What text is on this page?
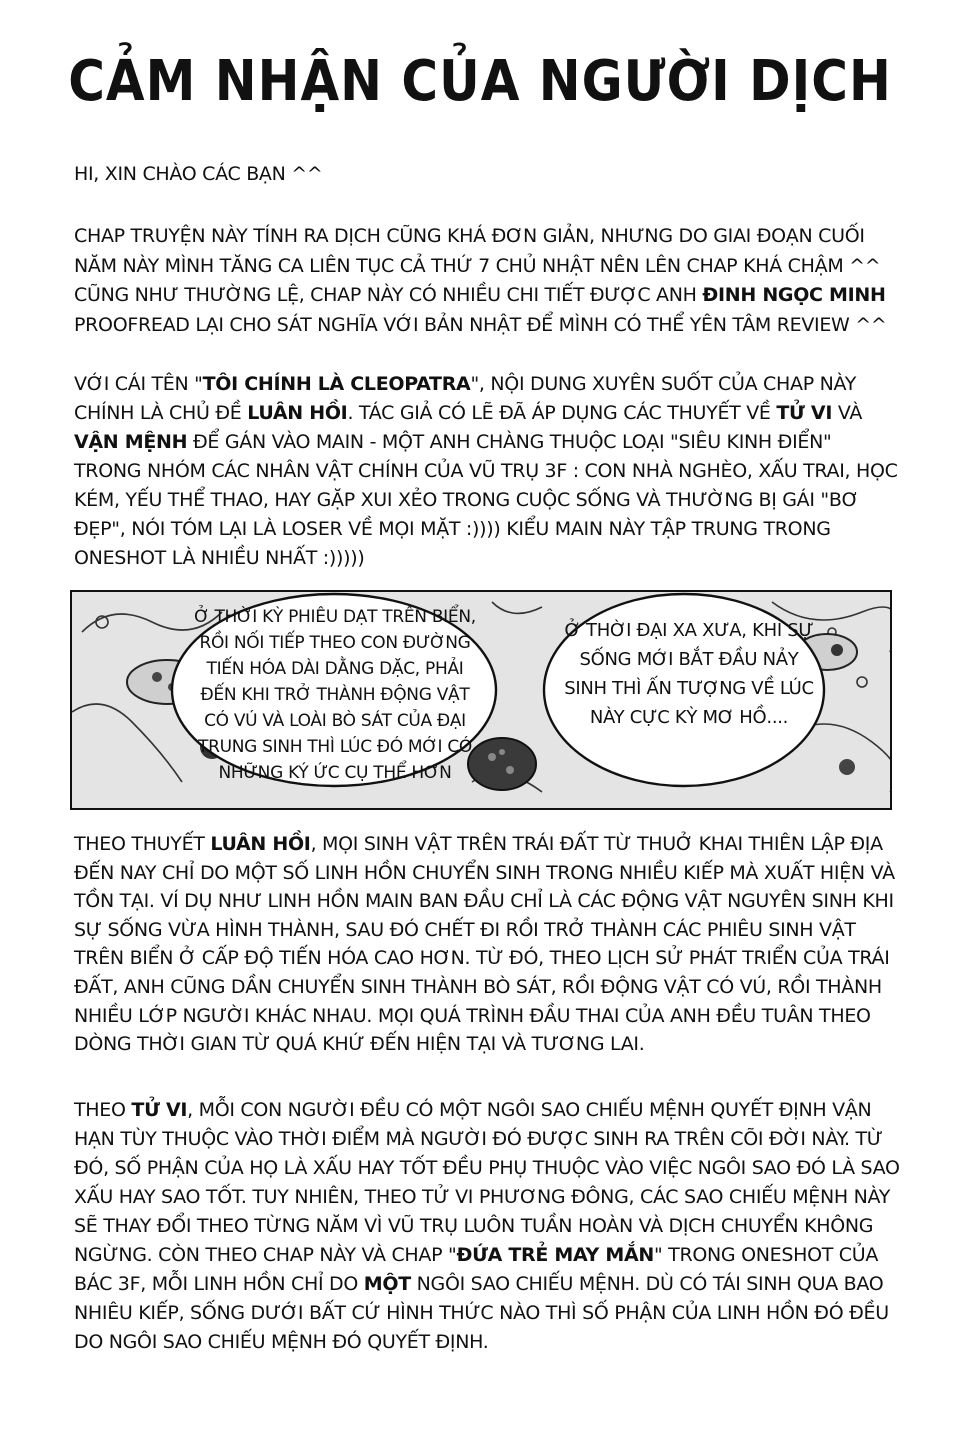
CẢM NHẬN CỦA NGƯỜI DỊCH

HI, XIN CHÀO CÁC BẠN ^^

CHAP TRUYỆN NÀY TÍNH RA DỊCH CŨNG KHÁ ĐƠN GIẢN, NHƯNG DO GIAI ĐOẠN CUỐI NĂM NÀY MÌNH TĂNG CA LIÊN TỤC CẢ THỨ 7 CHỦ NHẬT NÊN LÊN CHAP KHÁ CHẬM ^^ CŨNG NHƯ THƯỜNG LỆ, CHAP NÀY CÓ NHIỀU CHI TIẾT ĐƯỢC ANH ĐINH NGỌC MINH PROOFREAD LẠI CHO SÁT NGHĨA VỚI BẢN NHẬT ĐỂ MÌNH CÓ THỂ YÊN TÂM REVIEW ^^

VỚI CÁI TÊN "TÔI CHÍNH LÀ CLEOPATRA", NỘI DUNG XUYÊN SUỐT CỦA CHAP NÀY CHÍNH LÀ CHỦ ĐỀ LUÂN HỒI. TÁC GIẢ CÓ LẼ ĐÃ ÁP DỤNG CÁC THUYẾT VỀ TỬ VI VÀ VẬN MỆNH ĐỂ GÁN VÀO MAIN - MỘT ANH CHÀNG THUỘC LOẠI "SIÊU KINH ĐIỂN" TRONG NHÓM CÁC NHÂN VẬT CHÍNH CỦA VŨ TRỤ 3F : CON NHÀ NGHÈO, XẤU TRAI, HỌC KÉM, YẾU THỂ THAO, HAY GẶP XUI XẺO TRONG CUỘC SỐNG VÀ THƯỜNG BỊ GÁI "BƠ ĐẸP", NÓI TÓM LẠI LÀ LOSER VỀ MỌI MẶT :)))) KIỂU MAIN NÀY TẬP TRUNG TRONG ONESHOT LÀ NHIỀU NHẤT :)))))

Ở THỜI KỲ PHIÊU DẠT TRÊN BIỂN, RỒI NỐI TIẾP THEO CON ĐƯỜNG TIẾN HÓA DÀI DẰNG DẶC, PHẢI ĐẾN KHI TRỞ THÀNH ĐỘNG VẬT CÓ VÚ VÀ LOÀI BÒ SÁT CỦA ĐẠI TRUNG SINH THÌ LÚC ĐÓ MỚI CÓ NHỮNG KÝ ỨC CỤ THỂ HƠN
Ở THỜI ĐẠI XA XƯA, KHI SỰ SỐNG MỚI BẮT ĐẦU NẢY SINH THÌ ẤN TƯỢNG VỀ LÚC NÀY CỰC KỲ MƠ HỒ....

THEO THUYẾT LUÂN HỒI, MỌI SINH VẬT TRÊN TRÁI ĐẤT TỪ THUỞ KHAI THIÊN LẬP ĐỊA ĐẾN NAY CHỈ DO MỘT SỐ LINH HỒN CHUYỂN SINH TRONG NHIỀU KIẾP MÀ XUẤT HIỆN VÀ TỒN TẠI. VÍ DỤ NHƯ LINH HỒN MAIN BAN ĐẦU CHỈ LÀ CÁC ĐỘNG VẬT NGUYÊN SINH KHI SỰ SỐNG VỪA HÌNH THÀNH, SAU ĐÓ CHẾT ĐI RỒI TRỞ THÀNH CÁC PHIÊU SINH VẬT TRÊN BIỂN Ở CẤP ĐỘ TIẾN HÓA CAO HƠN. TỪ ĐÓ, THEO LỊCH SỬ PHÁT TRIỂN CỦA TRÁI ĐẤT, ANH CŨNG DẦN CHUYỂN SINH THÀNH BÒ SÁT, RỒI ĐỘNG VẬT CÓ VÚ, RỒI THÀNH NHIỀU LỚP NGƯỜI KHÁC NHAU. MỌI QUÁ TRÌNH ĐẦU THAI CỦA ANH ĐỀU TUÂN THEO DÒNG THỜI GIAN TỪ QUÁ KHỨ ĐẾN HIỆN TẠI VÀ TƯƠNG LAI.

THEO TỬ VI, MỖI CON NGƯỜI ĐỀU CÓ MỘT NGÔI SAO CHIẾU MỆNH QUYẾT ĐỊNH VẬN HẠN TÙY THUỘC VÀO THỜI ĐIỂM MÀ NGƯỜI ĐÓ ĐƯỢC SINH RA TRÊN CÕI ĐỜI NÀY. TỪ ĐÓ, SỐ PHẬN CỦA HỌ LÀ XẤU HAY TỐT ĐỀU PHỤ THUỘC VÀO VIỆC NGÔI SAO ĐÓ LÀ SAO XẤU HAY SAO TỐT. TUY NHIÊN, THEO TỬ VI PHƯƠNG ĐÔNG, CÁC SAO CHIẾU MỆNH NÀY SẼ THAY ĐỔI THEO TỪNG NĂM VÌ VŨ TRỤ LUÔN TUẦN HOÀN VÀ DỊCH CHUYỂN KHÔNG NGỪNG. CÒN THEO CHAP NÀY VÀ CHAP "ĐỨA TRẺ MAY MẮN" TRONG ONESHOT CỦA BÁC 3F, MỖI LINH HỒN CHỈ DO MỘT NGÔI SAO CHIẾU MỆNH. DÙ CÓ TÁI SINH QUA BAO NHIÊU KIẾP, SỐNG DƯỚI BẤT CỨ HÌNH THỨC NÀO THÌ SỐ PHẬN CỦA LINH HỒN ĐÓ ĐỀU DO NGÔI SAO CHIẾU MỆNH ĐÓ QUYẾT ĐỊNH.
